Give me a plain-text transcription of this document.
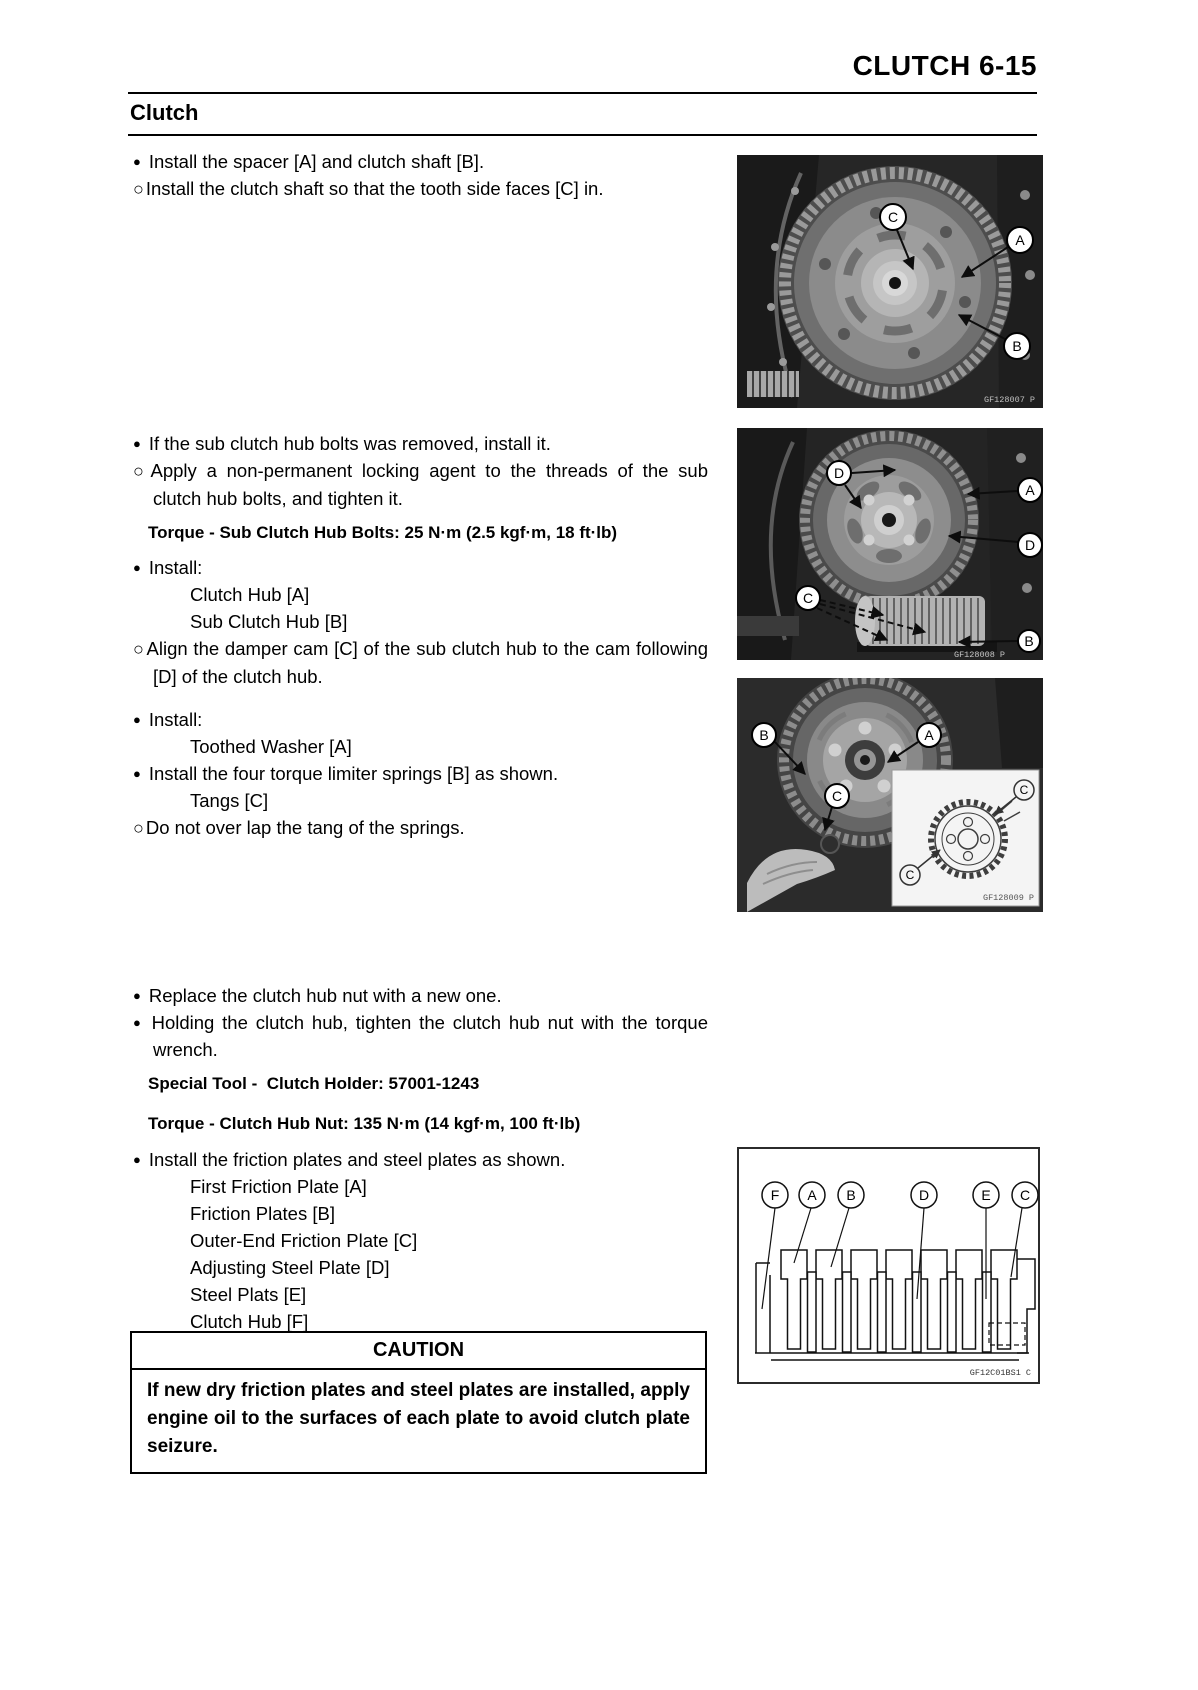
CLUTCH 6-15
Clutch
● Install the spacer [A] and clutch shaft [B].
○ Install the clutch shaft so that the tooth side faces [C] in.
● If the sub clutch hub bolts was removed, install it.
○ Apply a non-permanent locking agent to the threads of the sub clutch hub bolts, and tighten it.
Torque - Sub Clutch Hub Bolts: 25 N·m (2.5 kgf·m, 18 ft·lb)
● Install:
Clutch Hub [A]
Sub Clutch Hub [B]
○ Align the damper cam [C] of the sub clutch hub to the cam following [D] of the clutch hub.
● Install:
Toothed Washer [A]
● Install the four torque limiter springs [B] as shown.
Tangs [C]
○ Do not over lap the tang of the springs.
● Replace the clutch hub nut with a new one.
● Holding the clutch hub, tighten the clutch hub nut with the torque wrench.
Special Tool -  Clutch Holder: 57001-1243
Torque - Clutch Hub Nut: 135 N·m (14 kgf·m, 100 ft·lb)
● Install the friction plates and steel plates as shown.
First Friction Plate [A]
Friction Plates [B]
Outer-End Friction Plate [C]
Adjusting Steel Plate [D]
Steel Plats [E]
Clutch Hub [F]
CAUTION
If new dry friction plates and steel plates are installed, apply engine oil to the surfaces of each plate to avoid clutch plate seizure.
C
A
B
GF128007 P
D
A
D
C
B
GF128008 P
C
C
GF128009 P
B	A
C
F A B	D	E C
GF12C01BS1 C
